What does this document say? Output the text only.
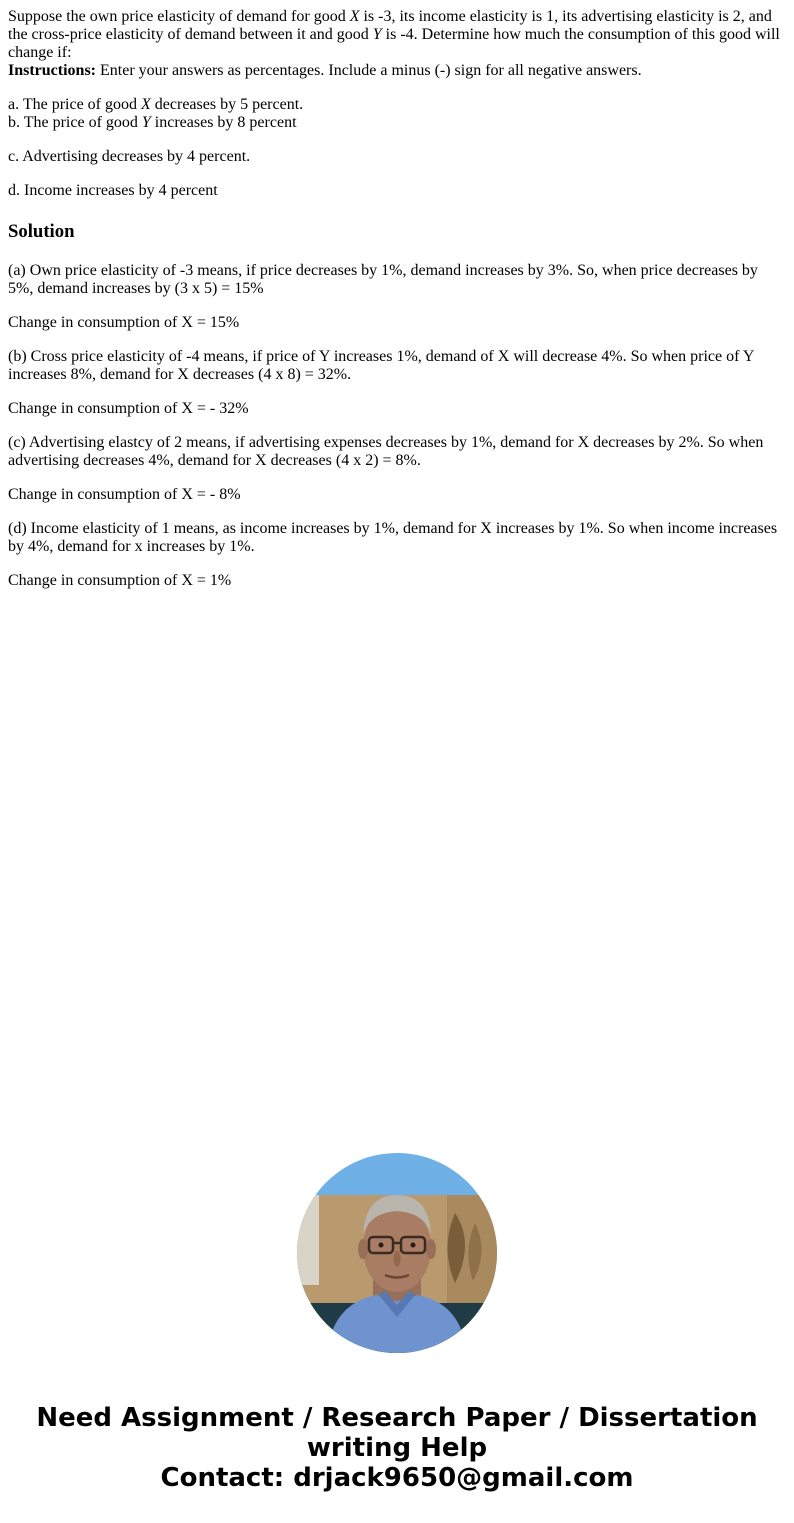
Suppose the own price elasticity of demand for good X is -3, its income elasticity is 1, its advertising elasticity is 2, and the cross-price elasticity of demand between it and good Y is -4. Determine how much the consumption of this good will change if:

Instructions: Enter your answers as percentages. Include a minus (-) sign for all negative answers.

a. The price of good X decreases by 5 percent.

b. The price of good Y increases by 8 percent

c. Advertising decreases by 4 percent.

d. Income increases by 4 percent

Solution

(a) Own price elasticity of -3 means, if price decreases by 1%, demand increases by 3%. So, when price decreases by 5%, demand increases by (3 x 5) = 15%

Change in consumption of X = 15%

(b) Cross price elasticity of -4 means, if price of Y increases 1%, demand of X will decrease 4%. So when price of Y increases 8%, demand for X decreases (4 x 8) = 32%.

Change in consumption of X = - 32%

(c) Advertising elastcy of 2 means, if advertising expenses decreases by 1%, demand for X decreases by 2%. So when advertising decreases 4%, demand for X decreases (4 x 2) = 8%.

Change in consumption of X = - 8%

(d) Income elasticity of 1 means, as income increases by 1%, demand for X increases by 1%. So when income increases by 4%, demand for x increases by 1%.

Change in consumption of X = 1%

Need Assignment / Research Paper / Dissertation
writing Help
Contact: drjack9650@gmail.com
